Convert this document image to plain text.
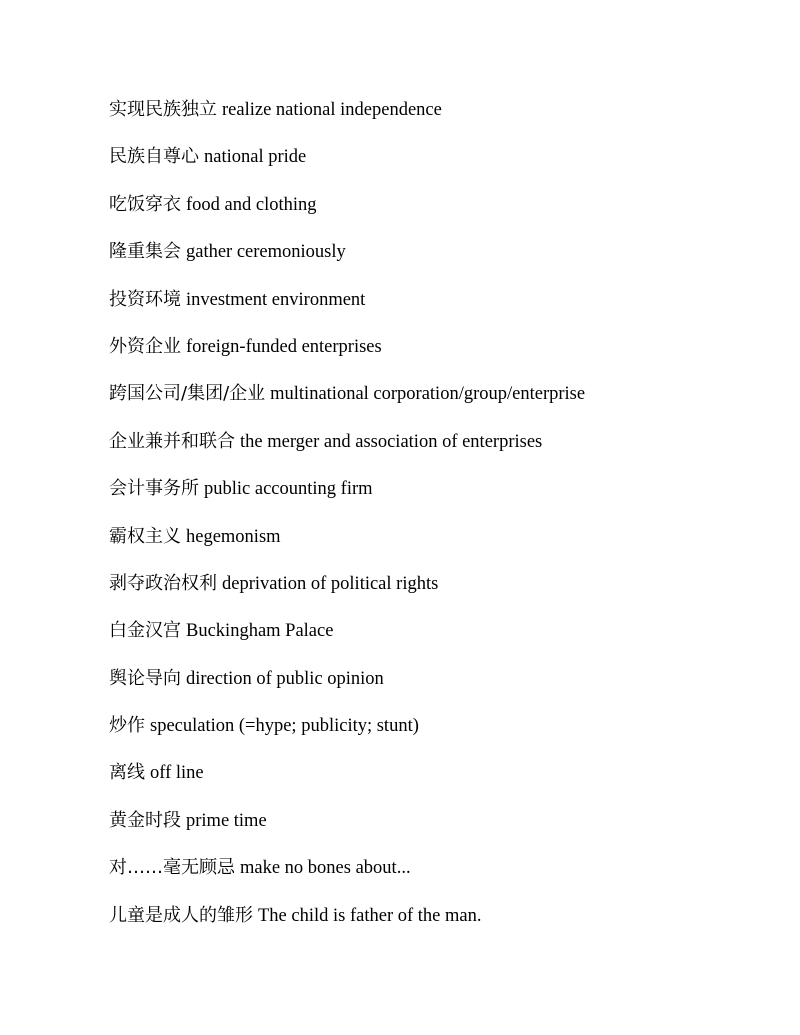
实现民族独立 realize national independence
民族自尊心 national pride
吃饭穿衣 food and clothing
隆重集会 gather ceremoniously
投资环境 investment environment
外资企业 foreign-funded enterprises
跨国公司/集团/企业 multinational corporation/group/enterprise
企业兼并和联合 the merger and association of enterprises
会计事务所 public accounting firm
霸权主义 hegemonism
剥夺政治权利 deprivation of political rights
白金汉宫 Buckingham Palace
舆论导向 direction of public opinion
炒作 speculation (=hype; publicity; stunt)
离线 off line
黄金时段 prime time
对……毫无顾忌 make no bones about...
儿童是成人的雏形 The child is father of the man.
